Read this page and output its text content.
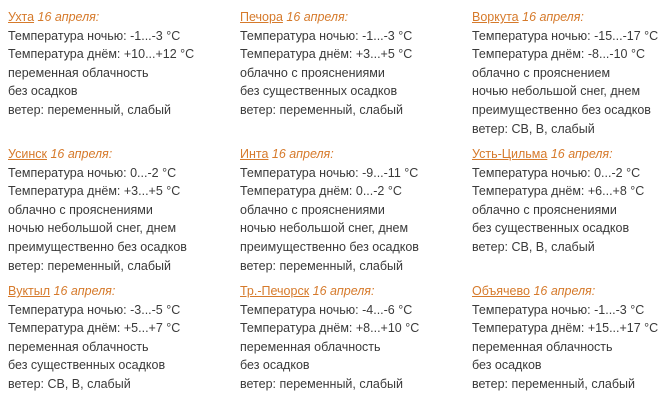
Ухта 16 апреля:
Температура ночью: -1...-3 °C
Температура днём: +10...+12 °C
переменная облачность
без осадков
ветер: переменный, слабый
Печора 16 апреля:
Температура ночью: -1...-3 °C
Температура днём: +3...+5 °C
облачно с прояснениями
без существенных осадков
ветер: переменный, слабый
Воркута 16 апреля:
Температура ночью: -15...-17 °C
Температура днём: -8...-10 °C
облачно с прояснением
ночью небольшой снег, днем
преимущественно без осадков
ветер: СВ, В, слабый
Усинск 16 апреля:
Температура ночью: 0...-2 °C
Температура днём: +3...+5 °C
облачно с прояснениями
ночью небольшой снег, днем
преимущественно без осадков
ветер: переменный, слабый
Инта 16 апреля:
Температура ночью: -9...-11 °C
Температура днём: 0...-2 °C
облачно с прояснениями
ночью небольшой снег, днем
преимущественно без осадков
ветер: переменный, слабый
Усть-Цильма 16 апреля:
Температура ночью: 0...-2 °C
Температура днём: +6...+8 °C
облачно с прояснениями
без существенных осадков
ветер: СВ, В, слабый
Вуктыл 16 апреля:
Температура ночью: -3...-5 °C
Температура днём: +5...+7 °C
переменная облачность
без существенных осадков
ветер: СВ, В, слабый
Тр.-Печорск 16 апреля:
Температура ночью: -4...-6 °C
Температура днём: +8...+10 °C
переменная облачность
без осадков
ветер: переменный, слабый
Объячево 16 апреля:
Температура ночью: -1...-3 °C
Температура днём: +15...+17 °C
переменная облачность
без осадков
ветер: переменный, слабый
